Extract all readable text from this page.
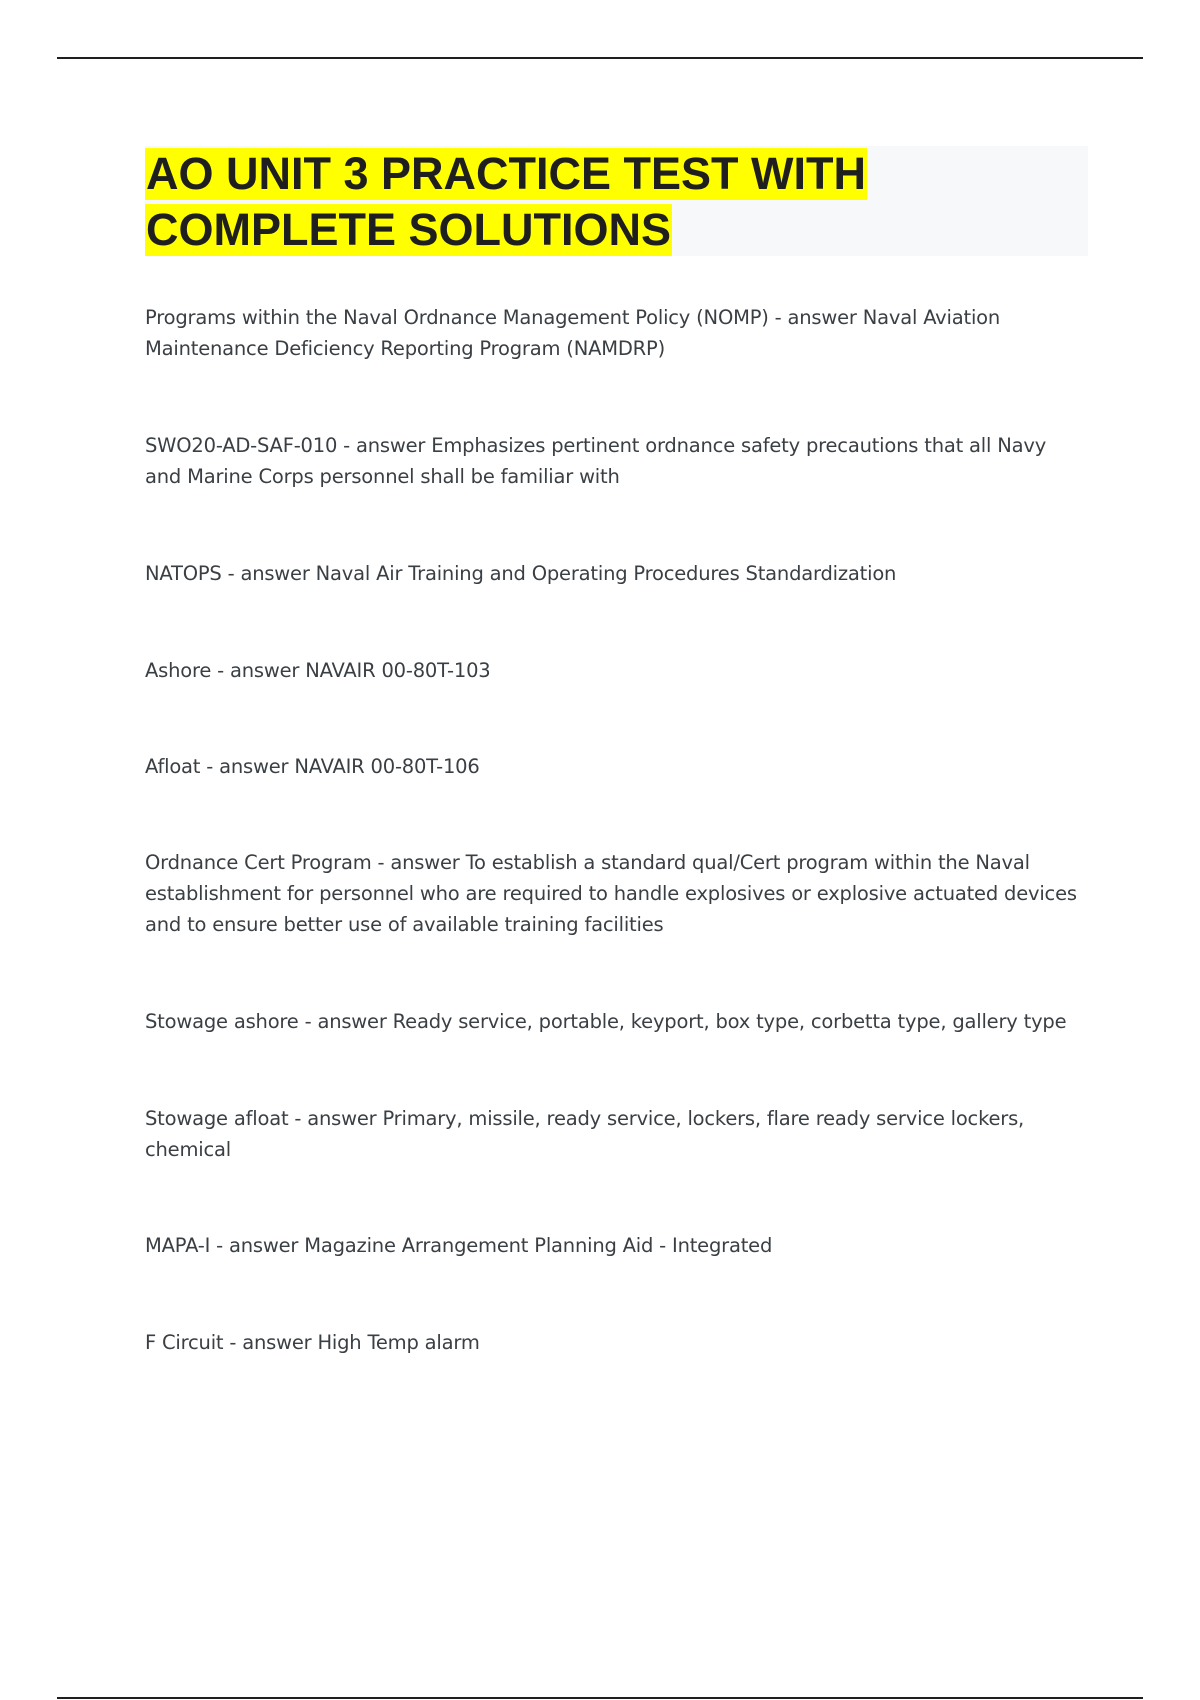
AO UNIT 3 PRACTICE TEST WITH
COMPLETE SOLUTIONS
Programs within the Naval Ordnance Management Policy (NOMP) - answer Naval Aviation Maintenance Deficiency Reporting Program (NAMDRP)
SWO20-AD-SAF-010 - answer Emphasizes pertinent ordnance safety precautions that all Navy and Marine Corps personnel shall be familiar with
NATOPS - answer Naval Air Training and Operating Procedures Standardization
Ashore - answer NAVAIR 00-80T-103
Afloat - answer NAVAIR 00-80T-106
Ordnance Cert Program - answer To establish a standard qual/Cert program within the Naval establishment for personnel who are required to handle explosives or explosive actuated devices and to ensure better use of available training facilities
Stowage ashore - answer Ready service, portable, keyport, box type, corbetta type, gallery type
Stowage afloat - answer Primary, missile, ready service, lockers, flare ready service lockers, chemical
MAPA-I - answer Magazine Arrangement Planning Aid - Integrated
F Circuit - answer High Temp alarm
